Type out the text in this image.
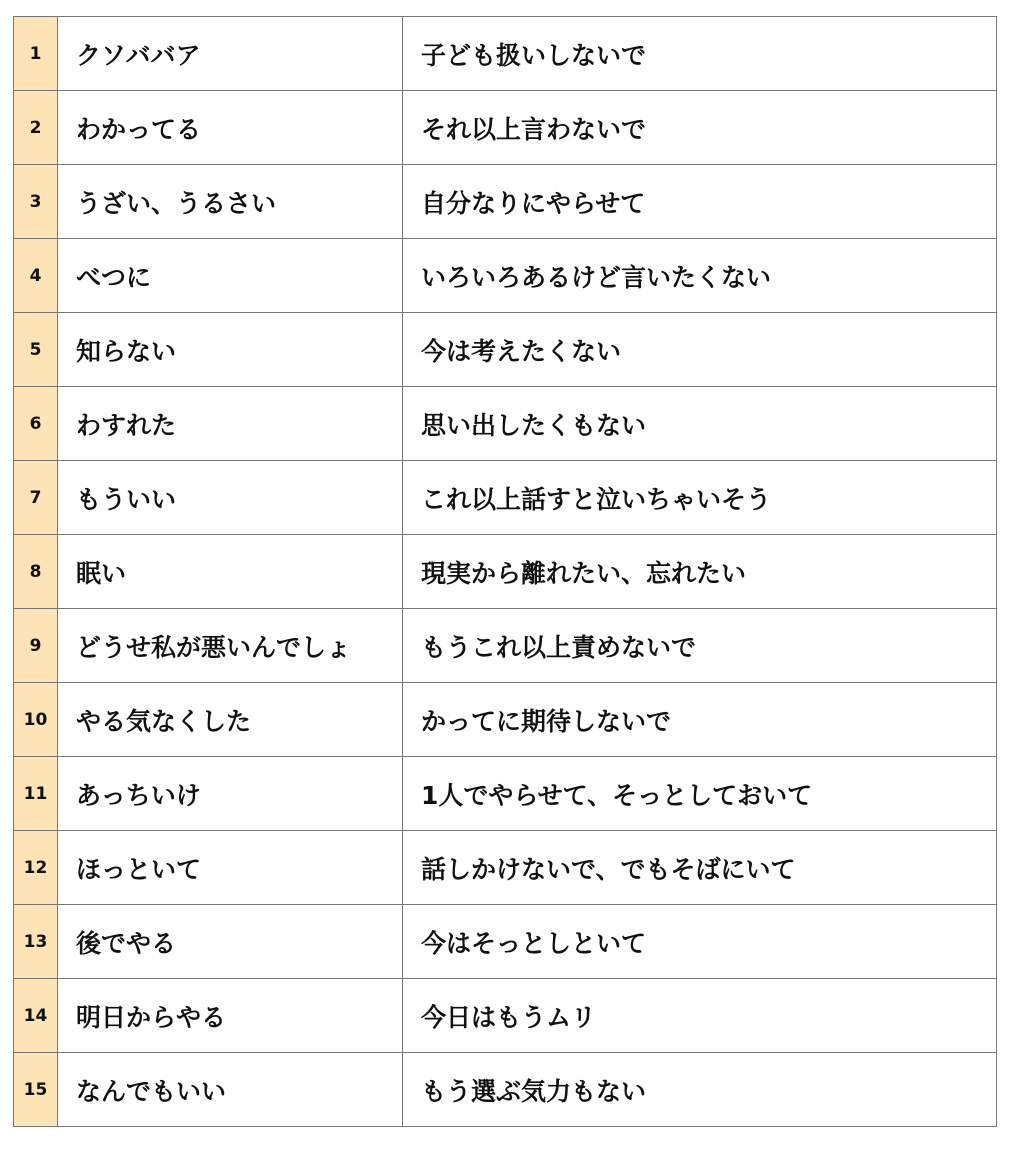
1	クソババア	子ども扱いしないで
2	わかってる	それ以上言わないで
3	うざい、うるさい	自分なりにやらせて
4	べつに	いろいろあるけど言いたくない
5	知らない	今は考えたくない
6	わすれた	思い出したくもない
7	もういい	これ以上話すと泣いちゃいそう
8	眠い	現実から離れたい、忘れたい
9	どうせ私が悪いんでしょ	もうこれ以上責めないで
10	やる気なくした	かってに期待しないで
11	あっちいけ	1人でやらせて、そっとしておいて
12	ほっといて	話しかけないで、でもそばにいて
13	後でやる	今はそっとしといて
14	明日からやる	今日はもうムリ
15	なんでもいい	もう選ぶ気力もない
